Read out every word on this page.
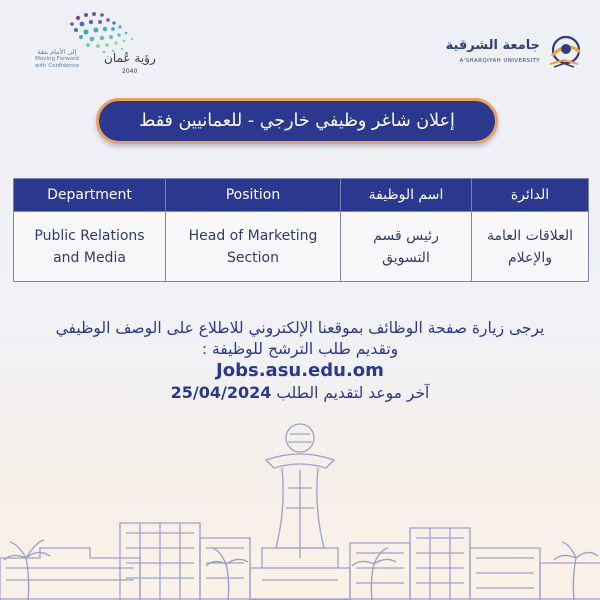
إلى الأمام بثقة
Moving Forward
with Confidence
رؤية عُمان
2040
جامعة الشرقية
A'SHARQIYAH UNIVERSITY
إعلان شاغر وظيفي خارجي - للعمانيين فقط
Department	Position	اسم الوظيفة	الدائرة
Public Relations and Media	Head of Marketing Section	رئيس قسم التسويق	العلاقات العامة والإعلام
يرجى زيارة صفحة الوظائف بموقعنا الإلكتروني للاطلاع على الوصف الوظيفي
وتقديم طلب الترشح للوظيفة :
Jobs.asu.edu.om
آخر موعد لتقديم الطلب 25/04/2024
